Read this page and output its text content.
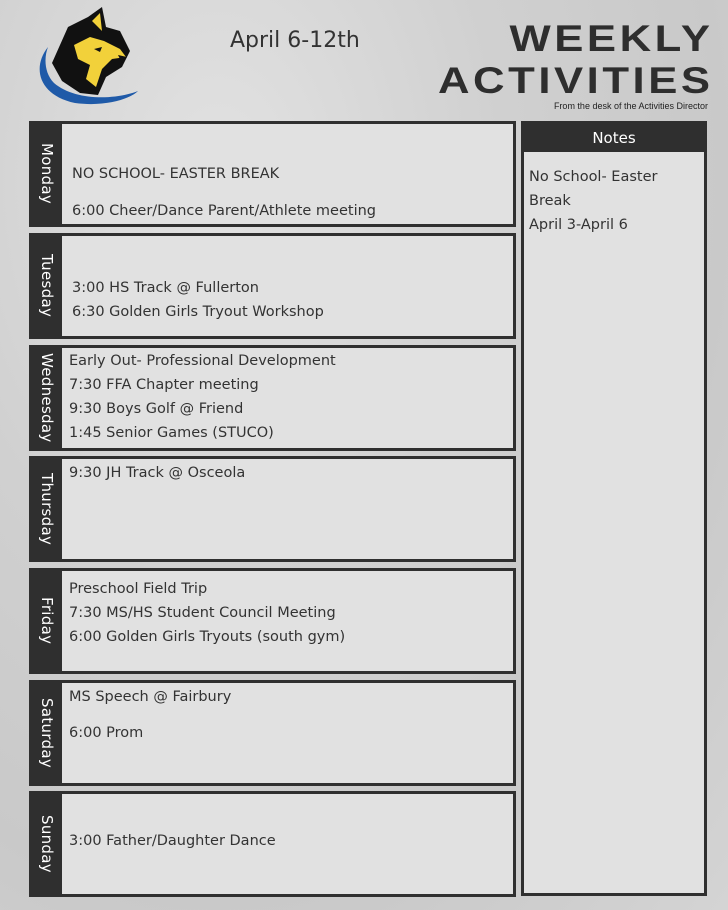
April 6-12th	WEEKLY
ACTIVITIES
From the desk of the Activities Director
Monday NO SCHOOL- EASTER BREAK
6:00 Cheer/Dance Parent/Athlete meeting
Tuesday 3:00 HS Track @ Fullerton
6:30 Golden Girls Tryout Workshop
Wednesday Early Out- Professional Development
7:30 FFA Chapter meeting
9:30 Boys Golf @ Friend
1:45 Senior Games (STUCO)
Thursday 9:30 JH Track @ Osceola
Friday
Preschool Field Trip
7:30 MS/HS Student Council Meeting
6:00 Golden Girls Tryouts (south gym)
Saturday
MS Speech @ Fairbury
6:00 Prom
Sunday 3:00 Father/Daughter Dance
Notes
No School- Easter Break
April 3-April 6
